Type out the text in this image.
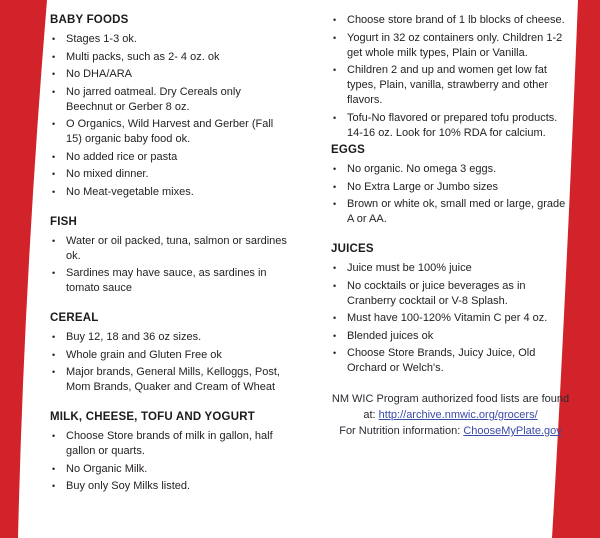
BABY FOODS
• Stages 1-3 ok.
• Multi packs, such as 2- 4 oz. ok
• No DHA/ARA
• No jarred oatmeal. Dry Cereals only Beechnut or Gerber 8 oz.
• O Organics, Wild Harvest and Gerber (Fall 15) organic baby food ok.
• No added rice or pasta
• No mixed dinner.
• No Meat-vegetable mixes.
FISH
• Water or oil packed, tuna, salmon or sardines ok.
• Sardines may have sauce, as sardines in tomato sauce
CEREAL
• Buy 12, 18 and 36 oz sizes.
• Whole grain and Gluten Free ok
• Major brands, General Mills, Kelloggs, Post, Mom Brands, Quaker and Cream of Wheat
MILK, CHEESE, TOFU AND YOGURT
• Choose Store brands of milk in gallon, half gallon or quarts.
• No Organic Milk.
• Buy only Soy Milks listed.
• Choose store brand of 1 lb blocks of cheese.
• Yogurt in 32 oz containers only. Children 1-2 get whole milk types, Plain or Vanilla.
• Children 2 and up and women get low fat types, Plain, vanilla, strawberry and other flavors.
• Tofu-No flavored or prepared tofu products. 14-16 oz. Look for 10% RDA for calcium.
EGGS
• No organic. No omega 3 eggs.
• No Extra Large or Jumbo sizes
• Brown or white ok, small med or large, grade A or AA.
JUICES
• Juice must be 100% juice
• No cocktails or juice beverages as in Cranberry cocktail or V-8 Splash.
• Must have 100-120% Vitamin C per 4 oz.
• Blended juices ok
• Choose Store Brands, Juicy Juice, Old Orchard or Welch's.

NM WIC Program authorized food lists are found at: http://archive.nmwic.org/grocers/

For Nutrition information: ChooseMyPlate.gov
